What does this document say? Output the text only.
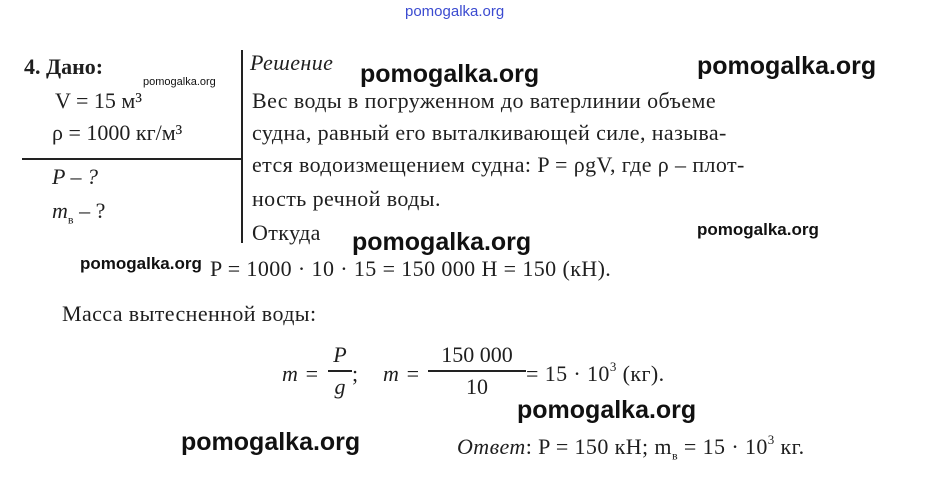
pomogalka.org
pomogalka.org	pomogalka.org
pomogalka.org
pomogalka.org	pomogalka.org
pomogalka.org
pomogalka.org
pomogalka.org
4. Дано:
V = 15 м³
ρ = 1000 кг/м³
P – ?
$m_в$ – ?
Решение
Вес воды в погруженном до ватерлинии объеме
судна, равный его выталкивающей силе, называ-
ется водоизмещением судна: P = ρgV, где ρ – плот-
ность речной воды.
Откуда
P = 1000 · 10 · 15 = 150 000 Н = 150 (кН).
Масса вытесненной воды:
m =
P
g ; m =
150 000
10	= $15 \cdot 10^3$ (кг).
Ответ: P = 150 кН; $m_в = 15 \cdot 10^3$ кг.
